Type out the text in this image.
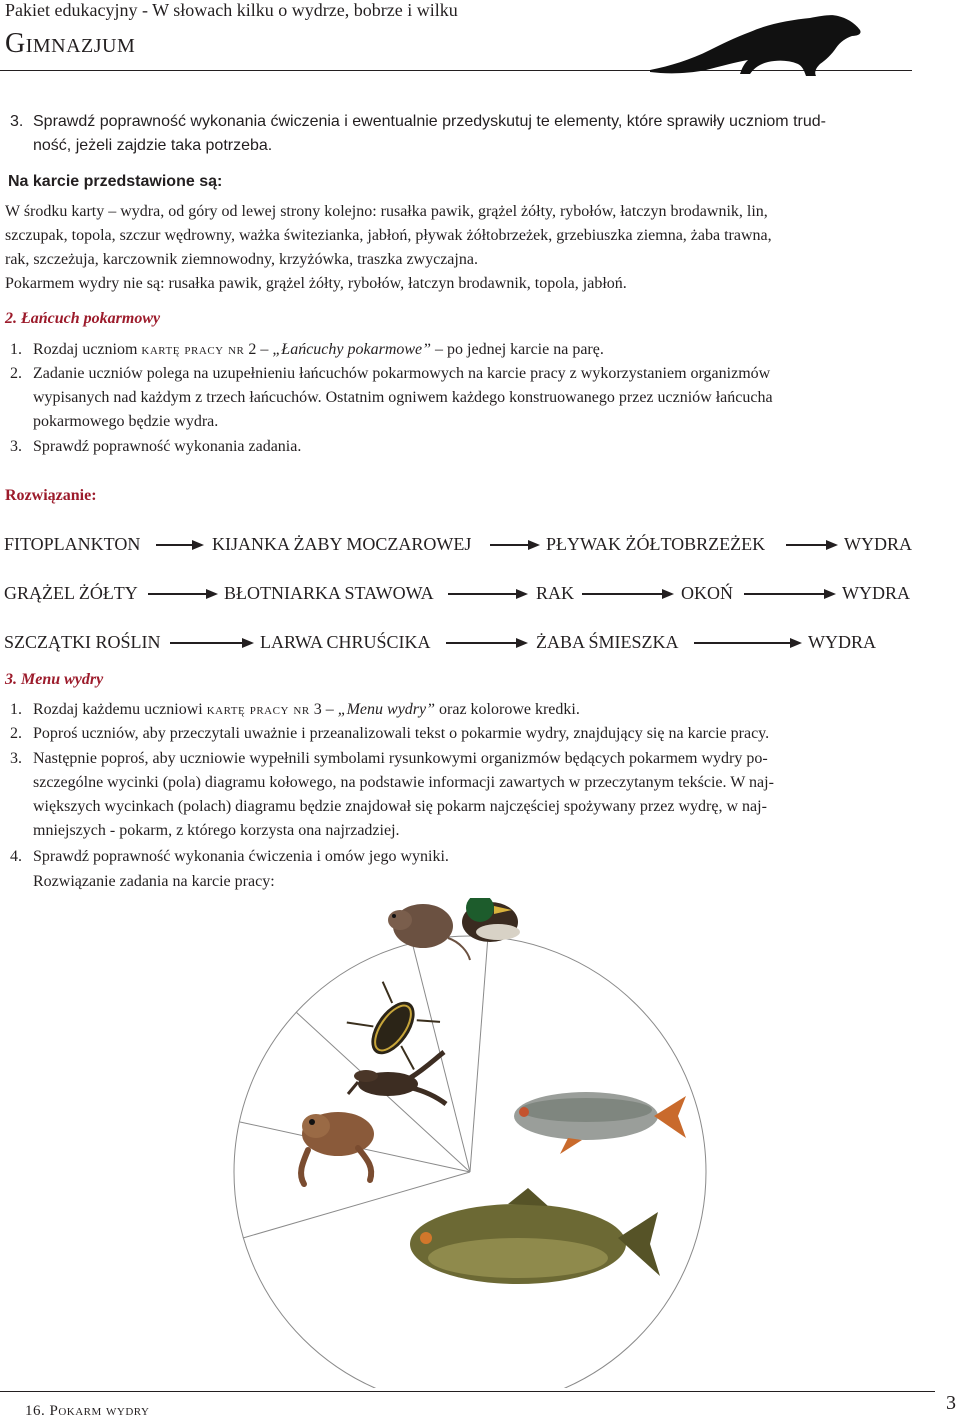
Pakiet edukacyjny - W słowach kilku o wydrze, bobrze i wilku
Gimnazjum
3. Sprawdź poprawność wykonania ćwiczenia i ewentualnie przedyskutuj te elementy, które sprawiły uczniom trud-
ność, jeżeli zajdzie taka potrzeba.
Na karcie przedstawione są:
W środku karty – wydra, od góry od lewej strony kolejno: rusałka pawik, grążel żółty, rybołów, łatczyn brodawnik, lin,
szczupak, topola, szczur wędrowny, ważka świtezianka, jabłoń, pływak żółtobrzeżek, grzebiuszka ziemna, żaba trawna,
rak, szczeżuja, karczownik ziemnowodny, krzyżówka, traszka zwyczajna.
Pokarmem wydry nie są: rusałka pawik, grążel żółty, rybołów, łatczyn brodawnik, topola, jabłoń.
2. Łańcuch pokarmowy
1. Rozdaj uczniom kartę pracy nr 2 – „Łańcuchy pokarmowe” – po jednej karcie na parę.
2. Zadanie uczniów polega na uzupełnieniu łańcuchów pokarmowych na karcie pracy z wykorzystaniem organizmów
wypisanych nad każdym z trzech łańcuchów. Ostatnim ogniwem każdego konstruowanego przez uczniów łańcucha
pokarmowego będzie wydra.
3. Sprawdź poprawność wykonania zadania.
Rozwiązanie:
FITOPLANKTON	KIJANKA ŻABY MOCZAROWEJ	PŁYWAK ŻÓŁTOBRZEŻEK	WYDRA
GRĄŻEL ŻÓŁTY	BŁOTNIARKA STAWOWA	RAK	OKOŃ	WYDRA
SZCZĄTKI ROŚLIN	LARWA CHRUŚCIKA	ŻABA ŚMIESZKA	WYDRA
3. Menu wydry
1. Rozdaj każdemu uczniowi kartę pracy nr 3 – „Menu wydry” oraz kolorowe kredki.
2. Poproś uczniów, aby przeczytali uważnie i przeanalizowali tekst o pokarmie wydry, znajdujący się na karcie pracy.
3. Następnie poproś, aby uczniowie wypełnili symbolami rysunkowymi organizmów będących pokarmem wydry po-
szczególne wycinki (pola) diagramu kołowego, na podstawie informacji zawartych w przeczytanym tekście. W naj-
większych wycinkach (polach) diagramu będzie znajdował się pokarm najczęściej spożywany przez wydrę, w naj-
mniejszych - pokarm, z którego korzysta ona najrzadziej.
4. Sprawdź poprawność wykonania ćwiczenia i omów jego wyniki.
Rozwiązanie zadania na karcie pracy:
16. Pokarm wydry	3
